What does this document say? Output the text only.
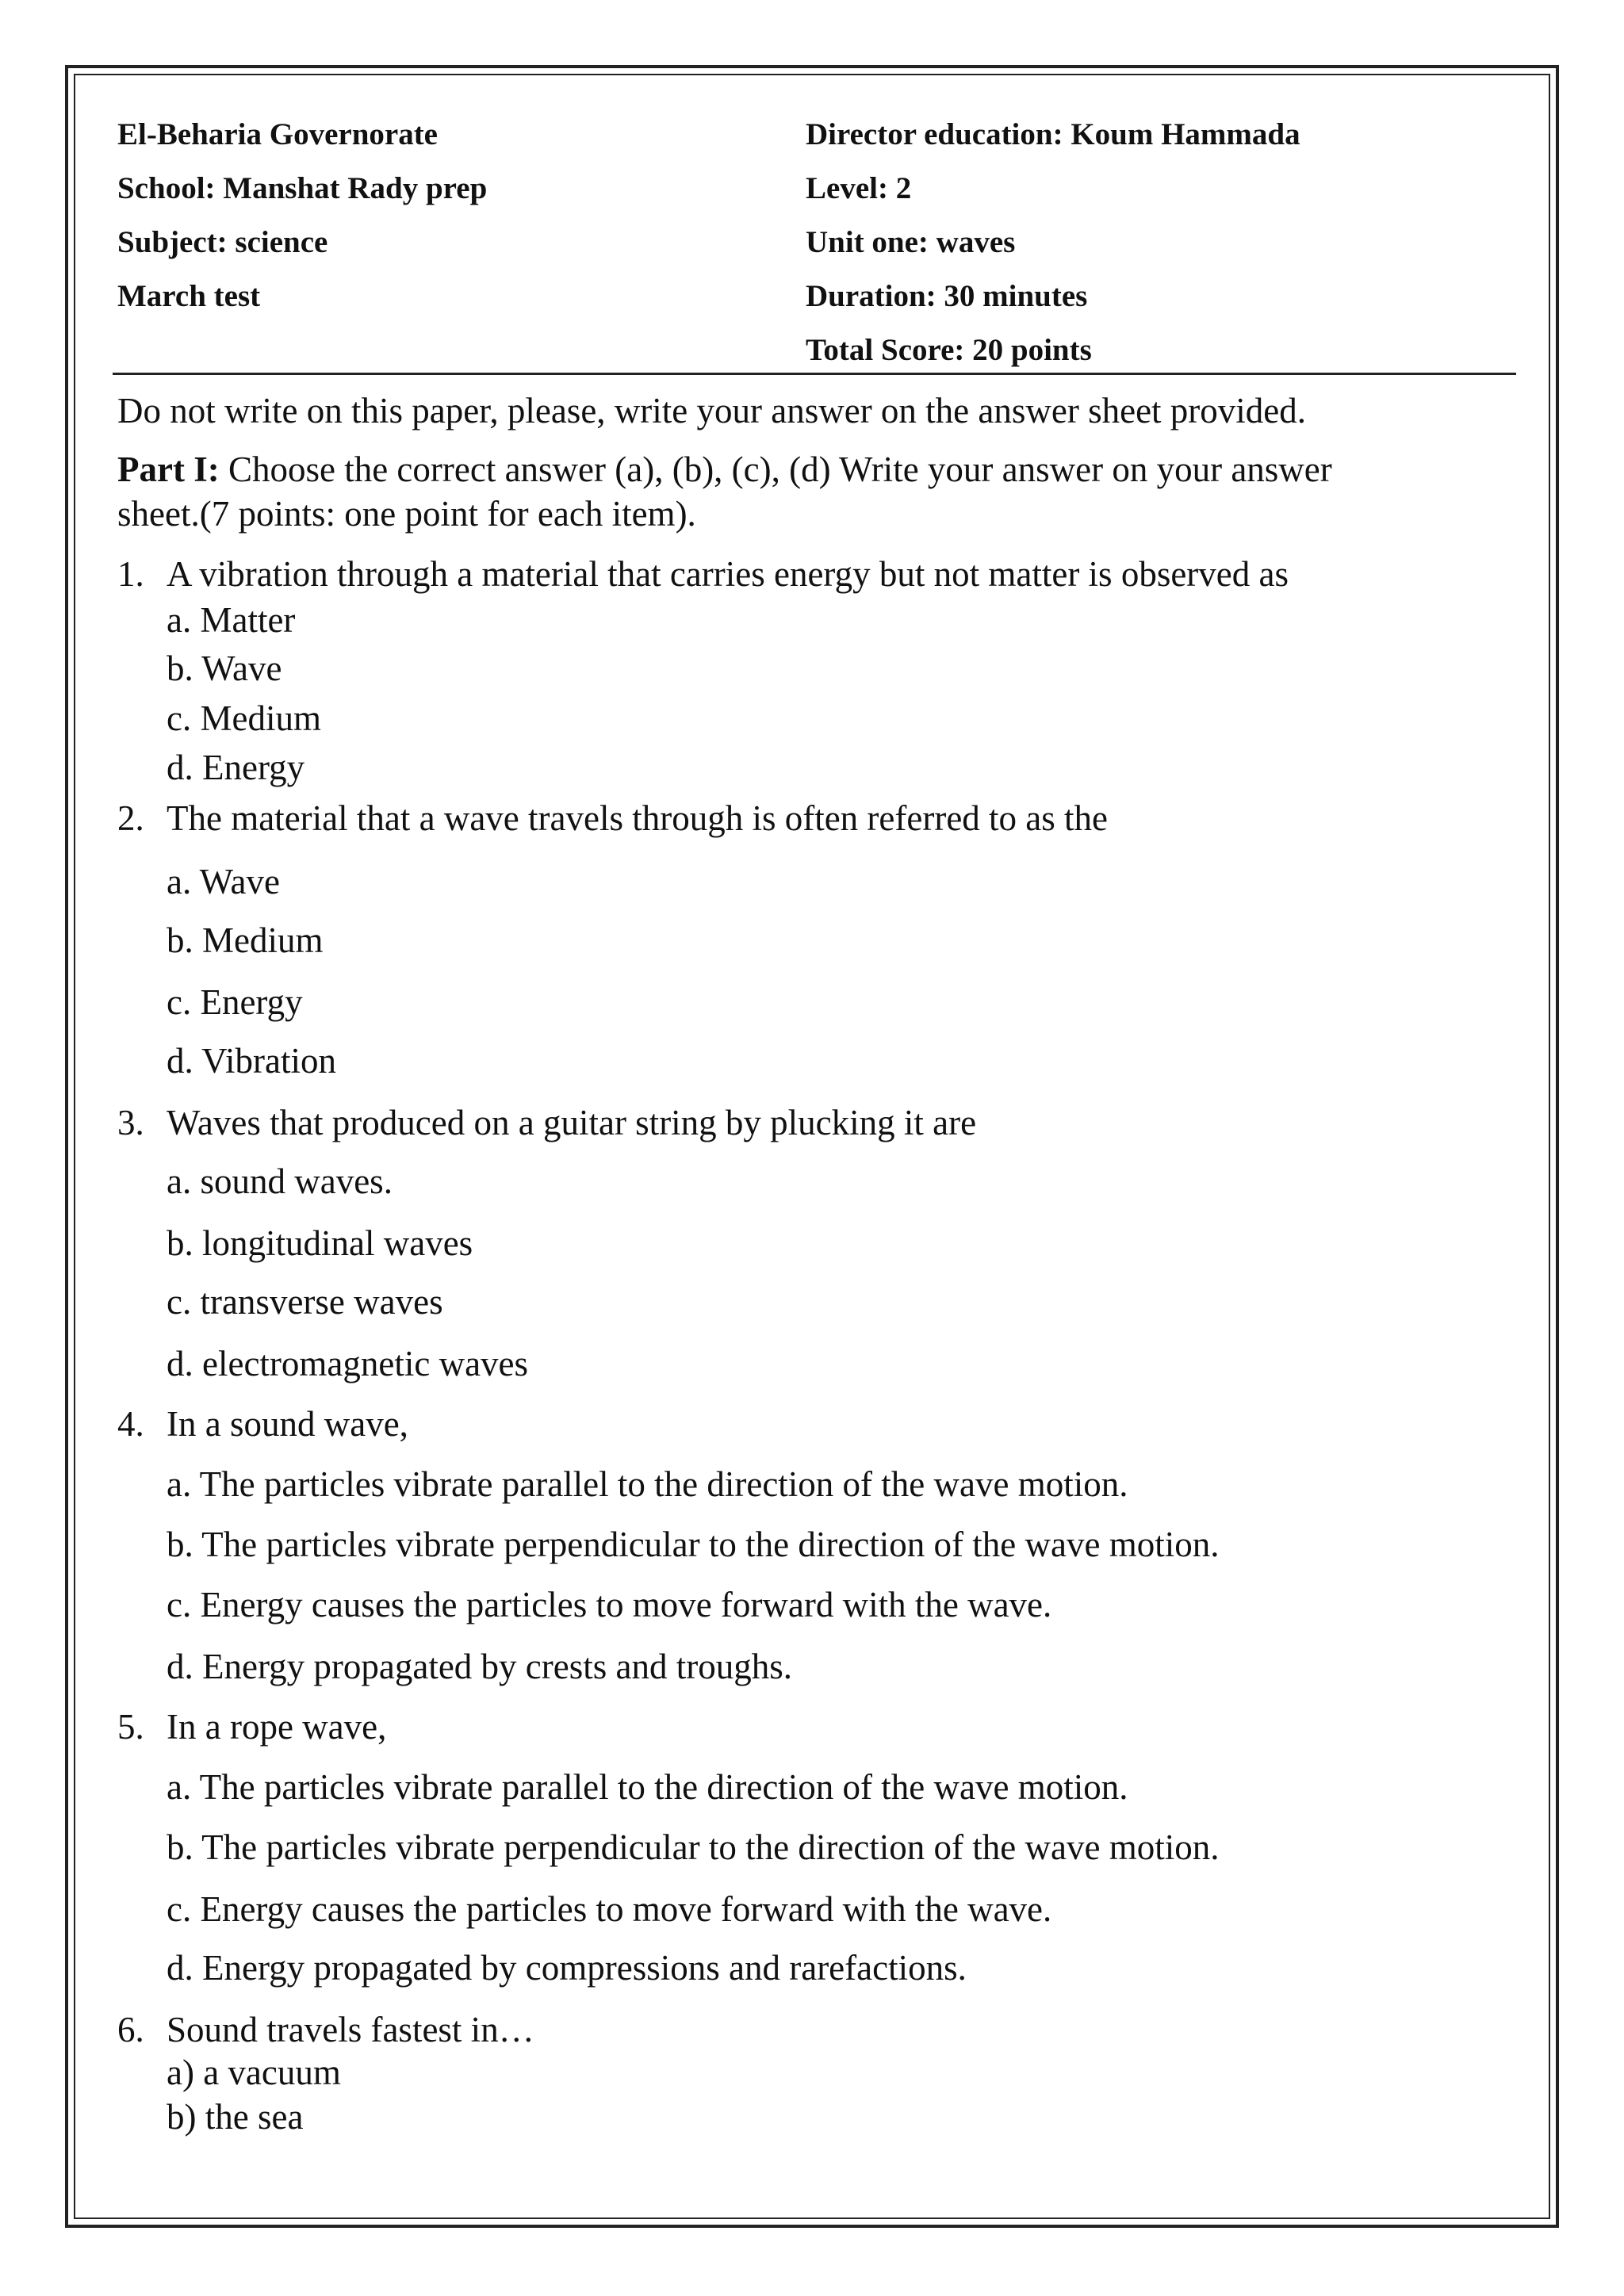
El-Beharia Governorate
School: Manshat Rady prep
Subject: science
March test
Director education: Koum Hammada
Level: 2
Unit one: waves
Duration: 30 minutes
Total Score: 20 points
Do not write on this paper, please, write your answer on the answer sheet provided.
Part I: Choose the correct answer (a), (b), (c), (d) Write your answer on your answer
sheet.(7 points: one point for each item).
1. A vibration through a material that carries energy but not matter is observed as
a. Matter
b. Wave
c. Medium
d. Energy
2. The material that a wave travels through is often referred to as the
a. Wave
b. Medium
c. Energy
d. Vibration
3. Waves that produced on a guitar string by plucking it are
a. sound waves.
b. longitudinal waves
c. transverse waves
d. electromagnetic waves
4. In a sound wave,
a. The particles vibrate parallel to the direction of the wave motion.
b. The particles vibrate perpendicular to the direction of the wave motion.
c. Energy causes the particles to move forward with the wave.
d. Energy propagated by crests and troughs.
5. In a rope wave,
a. The particles vibrate parallel to the direction of the wave motion.
b. The particles vibrate perpendicular to the direction of the wave motion.
c. Energy causes the particles to move forward with the wave.
d. Energy propagated by compressions and rarefactions.
6. Sound travels fastest in…
a) a vacuum
b) the sea
